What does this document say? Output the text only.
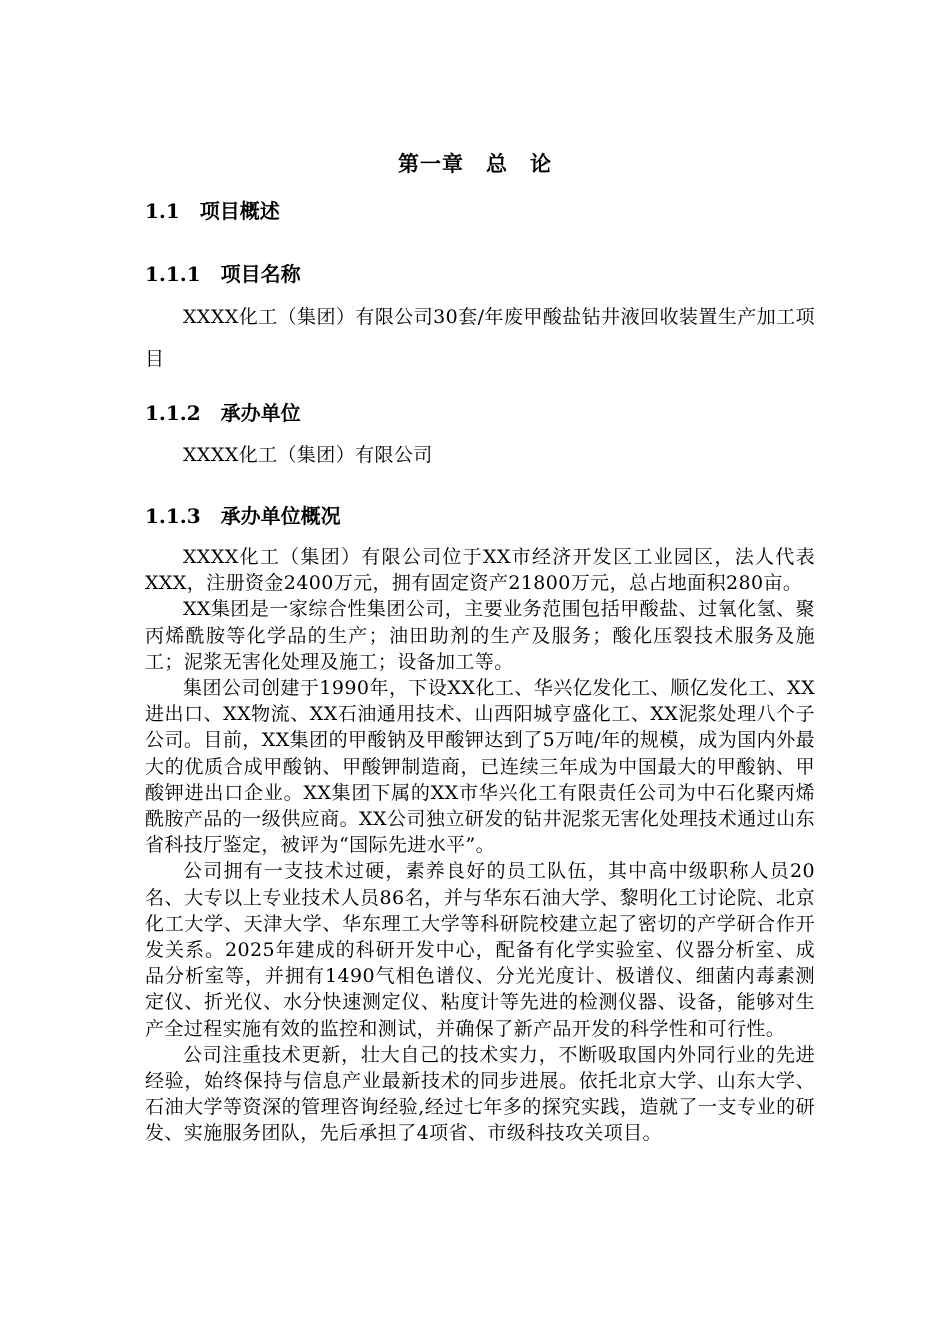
第一章　总　论
1.1　项目概述
1.1.1　项目名称

XXXX化工（集团）有限公司30套/年废甲酸盐钻井液回收装置生产加工项目

1.1.2　承办单位

XXXX化工（集团）有限公司

1.1.3　承办单位概况

XXXX化工（集团）有限公司位于XX市经济开发区工业园区，法人代表XXX，注册资金2400万元，拥有固定资产21800万元，总占地面积280亩。

XX集团是一家综合性集团公司，主要业务范围包括甲酸盐、过氧化氢、聚丙烯酰胺等化学品的生产；油田助剂的生产及服务；酸化压裂技术服务及施工；泥浆无害化处理及施工；设备加工等。

集团公司创建于1990年，下设XX化工、华兴亿发化工、顺亿发化工、XX进出口、XX物流、XX石油通用技术、山西阳城亨盛化工、XX泥浆处理八个子公司。目前，XX集团的甲酸钠及甲酸钾达到了5万吨/年的规模，成为国内外最大的优质合成甲酸钠、甲酸钾制造商，已连续三年成为中国最大的甲酸钠、甲酸钾进出口企业。XX集团下属的XX市华兴化工有限责任公司为中石化聚丙烯酰胺产品的一级供应商。XX公司独立研发的钻井泥浆无害化处理技术通过山东省科技厅鉴定，被评为“国际先进水平”。

公司拥有一支技术过硬，素养良好的员工队伍，其中高中级职称人员20名、大专以上专业技术人员86名，并与华东石油大学、黎明化工讨论院、北京化工大学、天津大学、华东理工大学等科研院校建立起了密切的产学研合作开发关系。2025年建成的科研开发中心，配备有化学实验室、仪器分析室、成品分析室等，并拥有1490气相色谱仪、分光光度计、极谱仪、细菌内毒素测定仪、折光仪、水分快速测定仪、粘度计等先进的检测仪器、设备，能够对生产全过程实施有效的监控和测试，并确保了新产品开发的科学性和可行性。

公司注重技术更新，壮大自己的技术实力，不断吸取国内外同行业的先进经验，始终保持与信息产业最新技术的同步进展。依托北京大学、山东大学、石油大学等资深的管理咨询经验,经过七年多的探究实践，造就了一支专业的研发、实施服务团队，先后承担了4项省、市级科技攻关项目。
